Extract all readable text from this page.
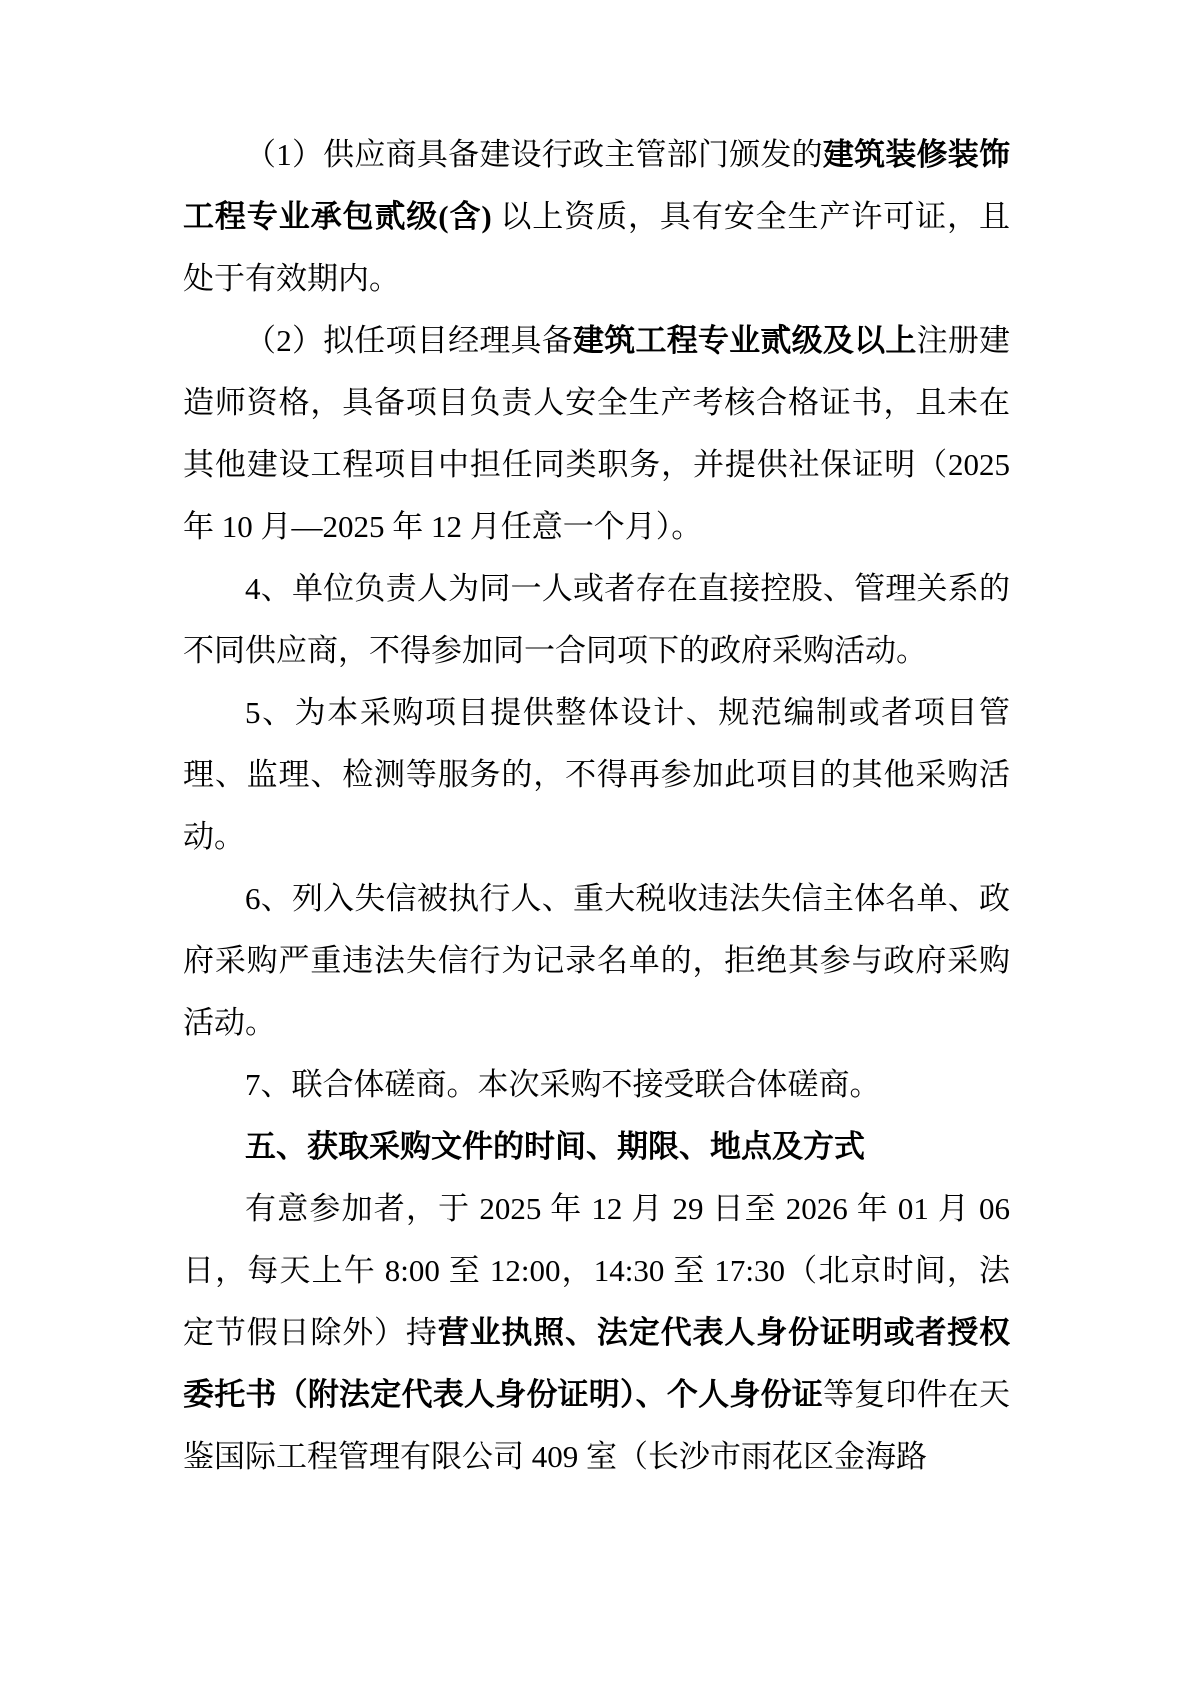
（1）供应商具备建设行政主管部门颁发的建筑装修装饰工程专业承包贰级(含) 以上资质，具有安全生产许可证，且处于有效期内。

（2）拟任项目经理具备建筑工程专业贰级及以上注册建造师资格，具备项目负责人安全生产考核合格证书，且未在其他建设工程项目中担任同类职务，并提供社保证明（2025 年 10 月—2025 年 12 月任意一个月）。

4、单位负责人为同一人或者存在直接控股、管理关系的不同供应商，不得参加同一合同项下的政府采购活动。

5、为本采购项目提供整体设计、规范编制或者项目管理、监理、检测等服务的，不得再参加此项目的其他采购活动。

6、列入失信被执行人、重大税收违法失信主体名单、政府采购严重违法失信行为记录名单的，拒绝其参与政府采购活动。

7、联合体磋商。本次采购不接受联合体磋商。

五、获取采购文件的时间、期限、地点及方式

有意参加者，于 2025 年 12 月 29 日至 2026 年 01 月 06 日，每天上午 8:00 至 12:00，14:30 至 17:30（北京时间，法定节假日除外）持营业执照、法定代表人身份证明或者授权委托书（附法定代表人身份证明）、个人身份证等复印件在天鉴国际工程管理有限公司 409 室（长沙市雨花区金海路
